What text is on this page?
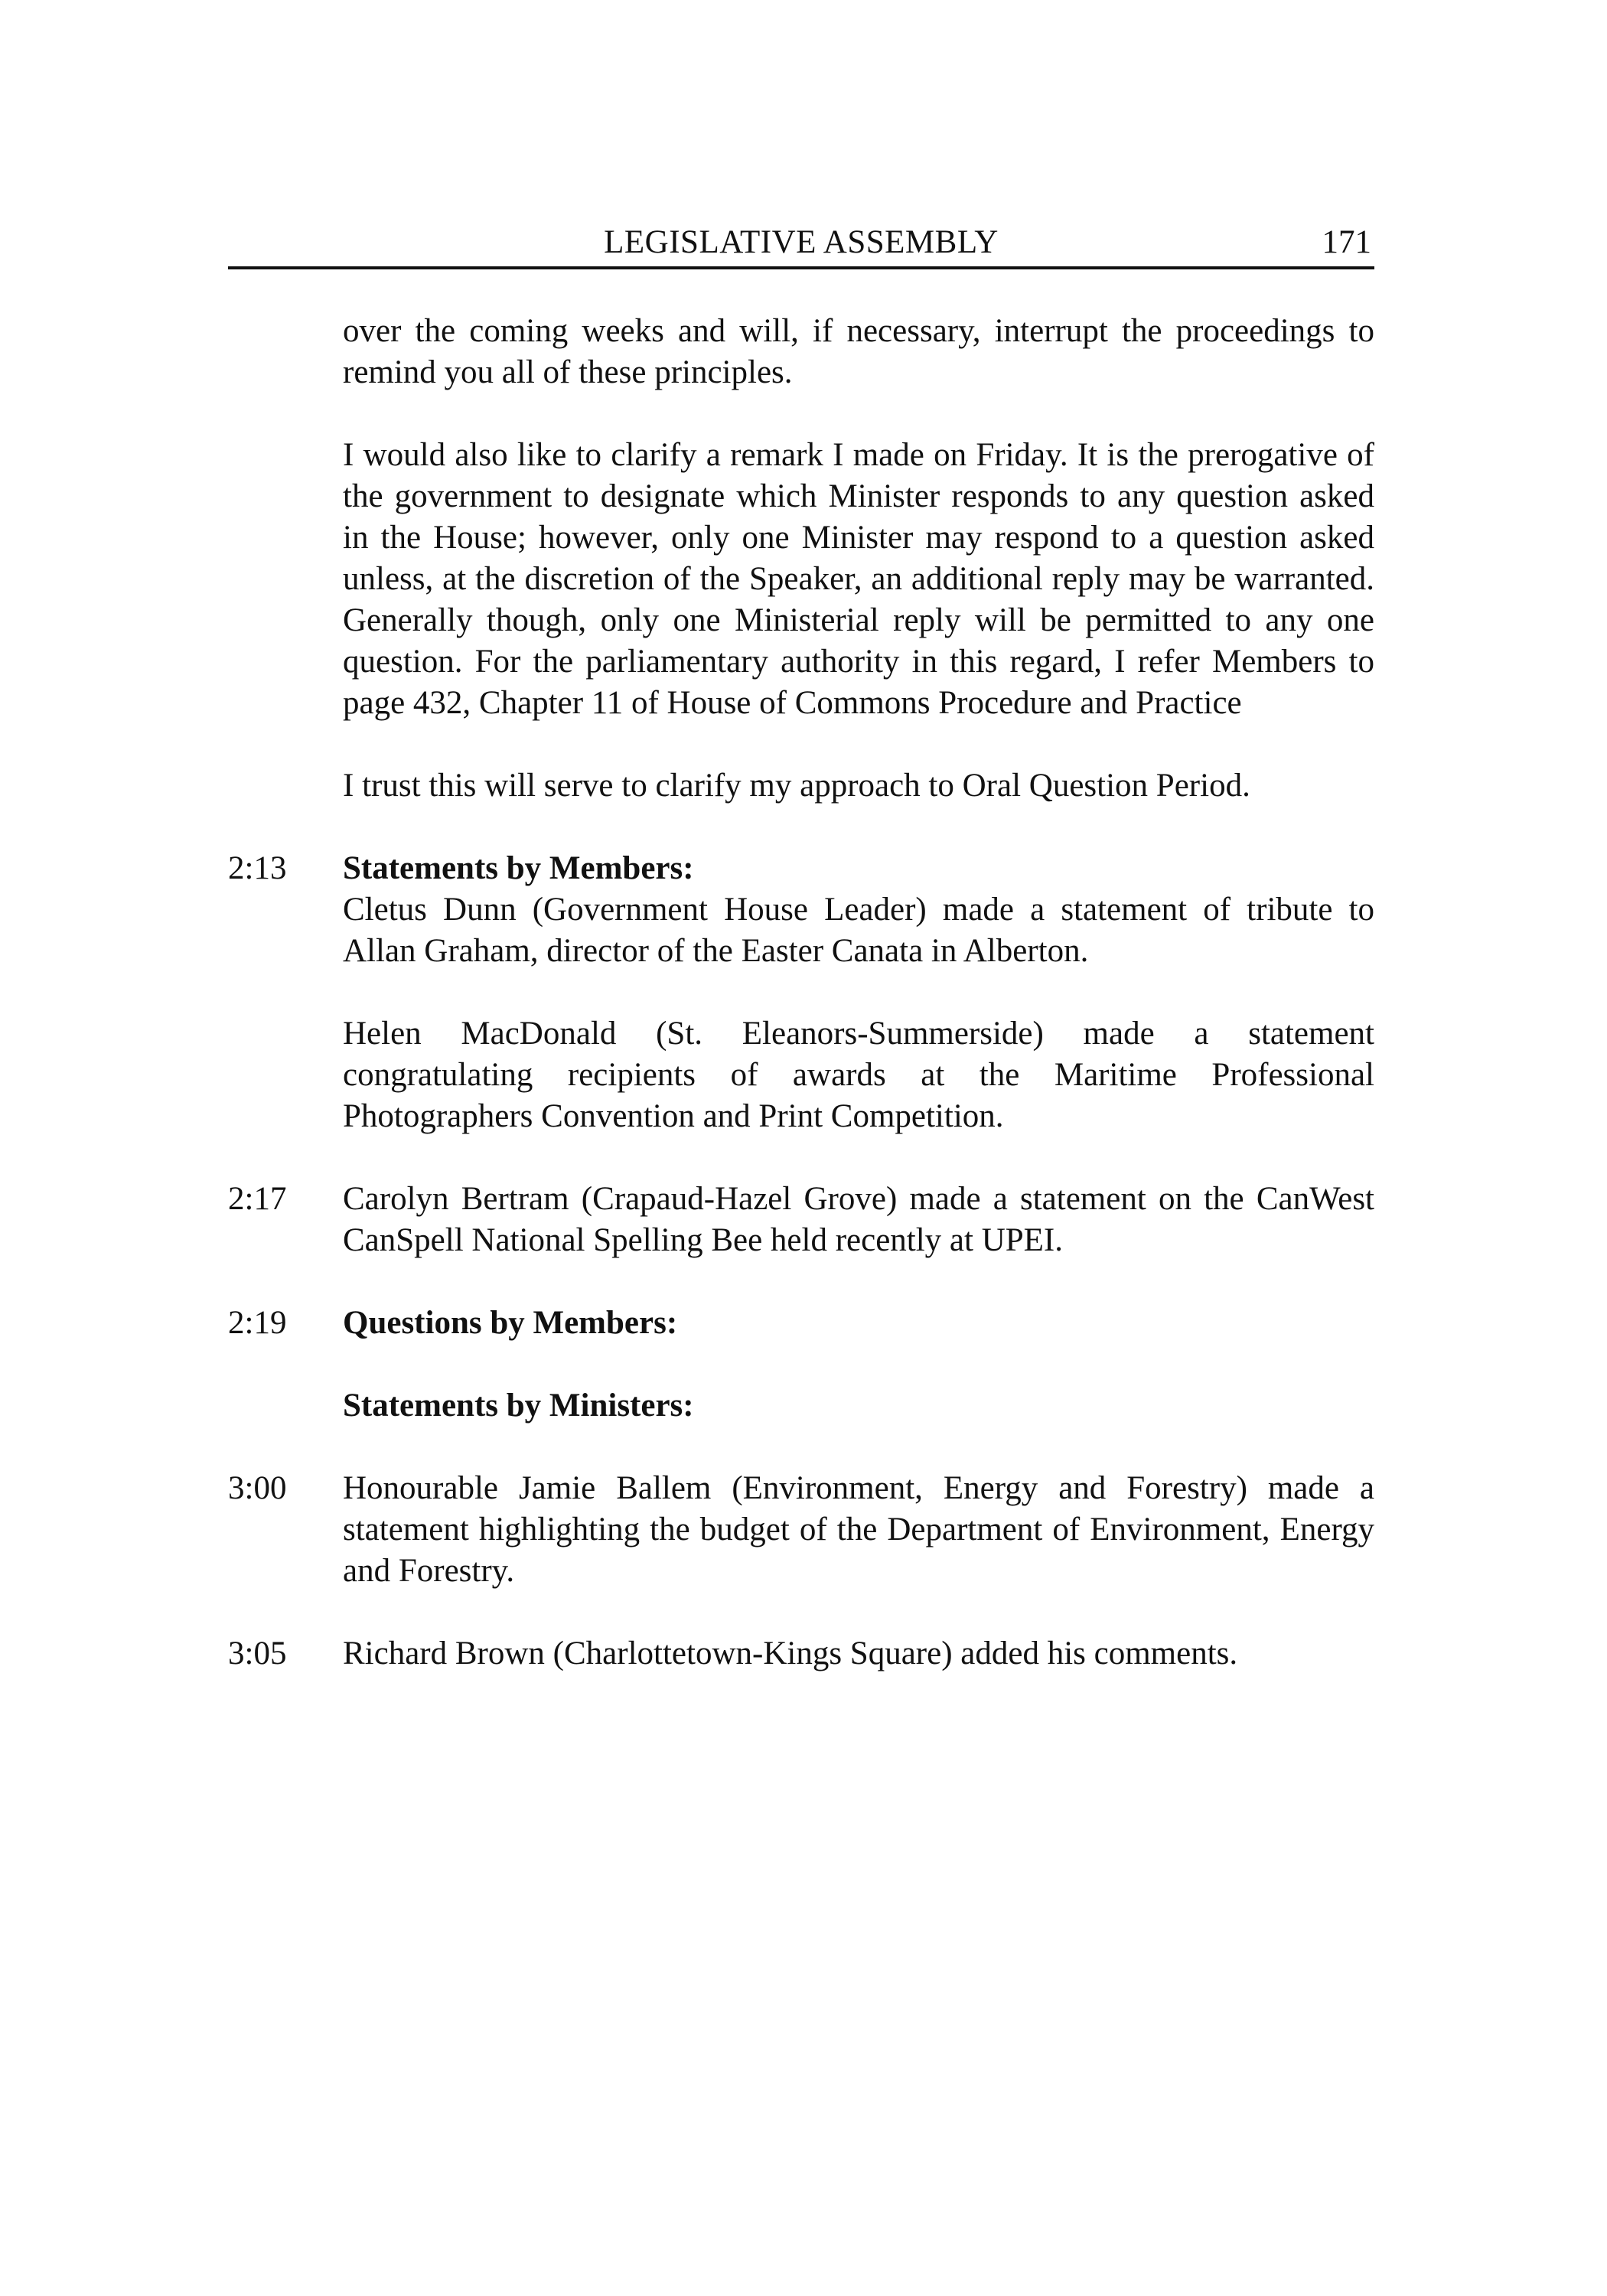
LEGISLATIVE ASSEMBLY	171

over the coming weeks and will, if necessary, interrupt the proceedings to remind you all of these principles.

I would also like to clarify a remark I made on Friday. It is the prerogative of the government to designate which Minister responds to any question asked in the House; however, only one Minister may respond to a question asked unless, at the discretion of the Speaker, an additional reply may be warranted. Generally though, only one Ministerial reply will be permitted to any one question. For the parliamentary authority in this regard, I refer Members to page 432, Chapter 11 of House of Commons Procedure and Practice

I trust this will serve to clarify my approach to Oral Question Period.

2:13	Statements by Members:

Cletus Dunn (Government House Leader) made a statement of tribute to Allan Graham, director of the Easter Canata in Alberton.

Helen MacDonald (St. Eleanors-Summerside) made a statement congratulating recipients of awards at the Maritime Professional Photographers Convention and Print Competition.

2:17	Carolyn Bertram (Crapaud-Hazel Grove) made a statement on the CanWest CanSpell National Spelling Bee held recently at UPEI.

2:19	Questions by Members:

Statements by Ministers:

3:00	Honourable Jamie Ballem (Environment, Energy and Forestry) made a statement highlighting the budget of the Department of Environment, Energy and Forestry.

3:05	Richard Brown (Charlottetown-Kings Square) added his comments.
